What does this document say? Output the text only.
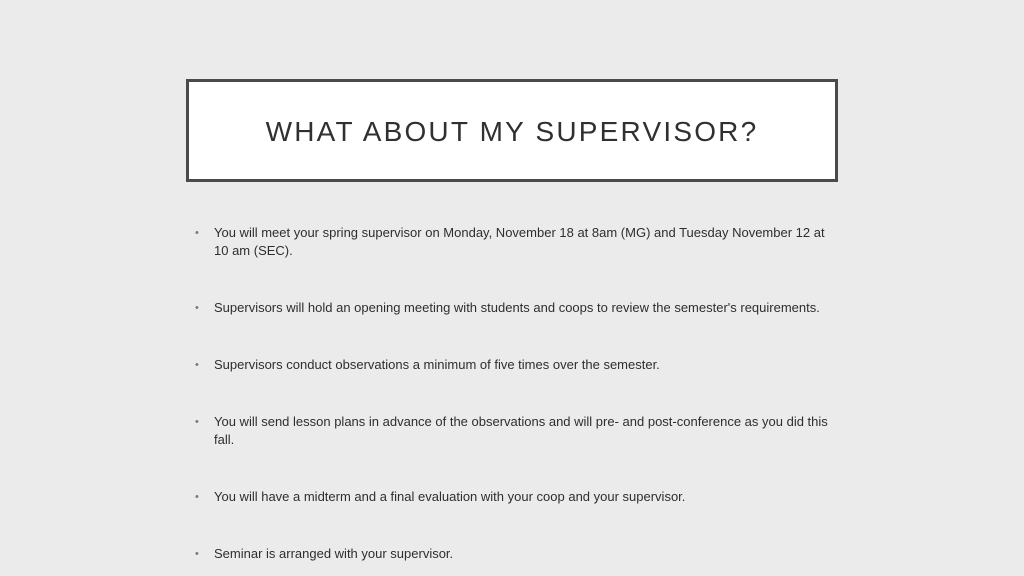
WHAT ABOUT MY SUPERVISOR?
• You will meet your spring supervisor on Monday, November 18 at 8am (MG) and Tuesday November 12 at 10 am (SEC).
• Supervisors will hold an opening meeting with students and coops to review the semester's requirements.
• Supervisors conduct observations a minimum of five times over the semester.
• You will send lesson plans in advance of the observations and will pre- and post-conference as you did this fall.
• You will have a midterm and a final evaluation with your coop and your supervisor.
• Seminar is arranged with your supervisor.
